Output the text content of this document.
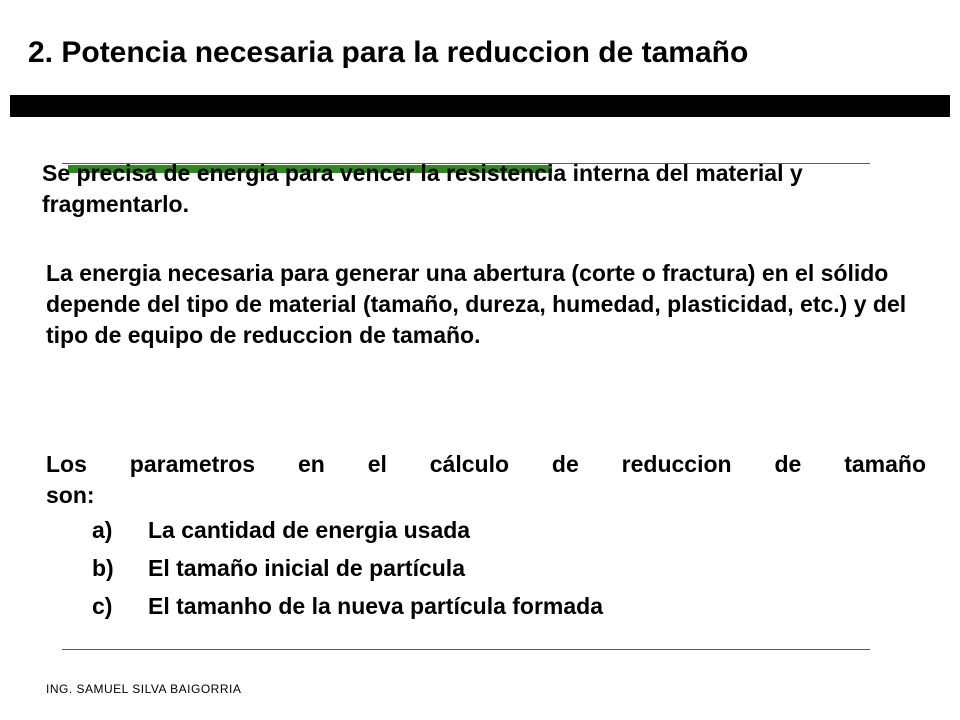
2. Potencia necesaria para la reduccion de tamaño
Se precisa de energia para vencer la resistencia interna del material y fragmentarlo.
La energia necesaria para generar una abertura (corte o fractura) en el sólido depende del tipo de material (tamaño, dureza, humedad, plasticidad, etc.) y del tipo de equipo de reduccion de tamaño.
Los parametros en el cálculo de reduccion de tamaño
son:
a)	La cantidad de energia usada
b)	El tamaño inicial de partícula
c)	El tamanho de la nueva partícula formada
ING. SAMUEL SILVA BAIGORRIA
